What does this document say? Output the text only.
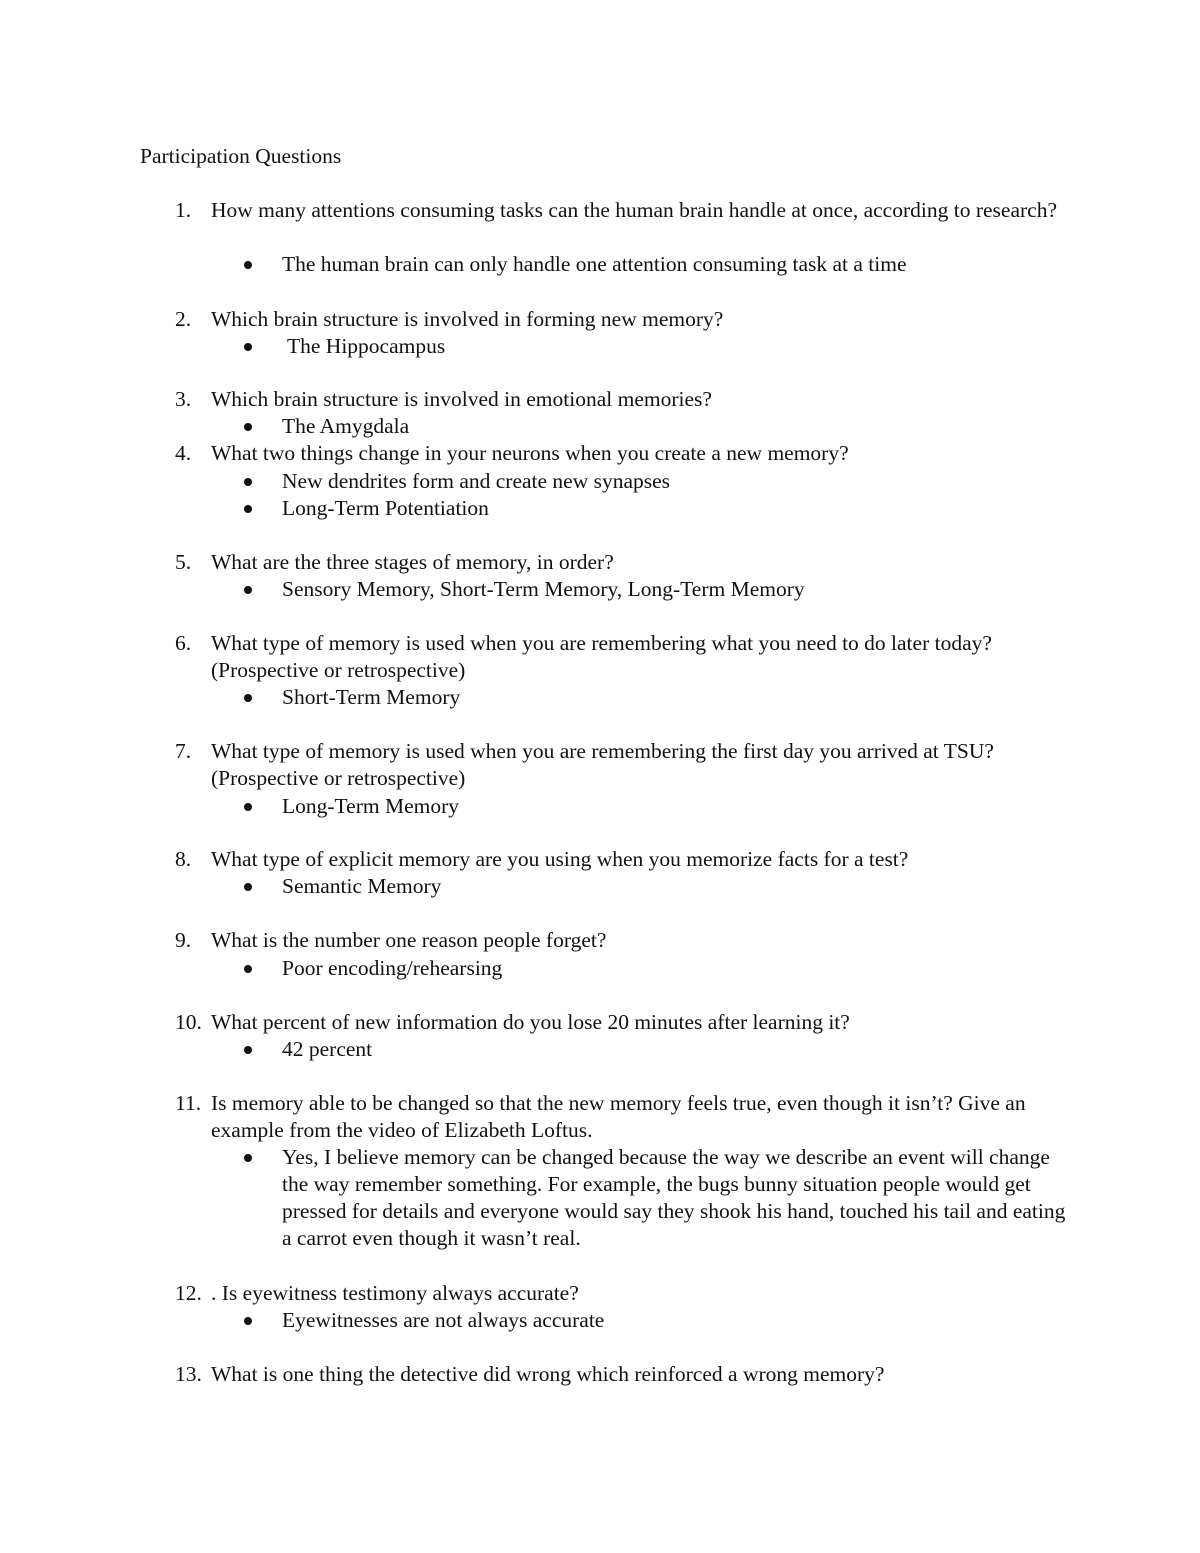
Participation Questions
1. How many attentions consuming tasks can the human brain handle at once, according to research?
The human brain can only handle one attention consuming task at a time
2. Which brain structure is involved in forming new memory?
The Hippocampus
3. Which brain structure is involved in emotional memories?
The Amygdala
4. What two things change in your neurons when you create a new memory?
New dendrites form and create new synapses
Long-Term Potentiation
5. What are the three stages of memory, in order?
Sensory Memory, Short-Term Memory, Long-Term Memory
6. What type of memory is used when you are remembering what you need to do later today? (Prospective or retrospective)
Short-Term Memory
7. What type of memory is used when you are remembering the first day you arrived at TSU? (Prospective or retrospective)
Long-Term Memory
8. What type of explicit memory are you using when you memorize facts for a test?
Semantic Memory
9. What is the number one reason people forget?
Poor encoding/rehearsing
10. What percent of new information do you lose 20 minutes after learning it?
42 percent
11. Is memory able to be changed so that the new memory feels true, even though it isn’t? Give an example from the video of Elizabeth Loftus.
Yes, I believe memory can be changed because the way we describe an event will change the way remember something. For example, the bugs bunny situation people would get pressed for details and everyone would say they shook his hand, touched his tail and eating a carrot even though it wasn’t real.
12. . Is eyewitness testimony always accurate?
Eyewitnesses are not always accurate
13. What is one thing the detective did wrong which reinforced a wrong memory?
